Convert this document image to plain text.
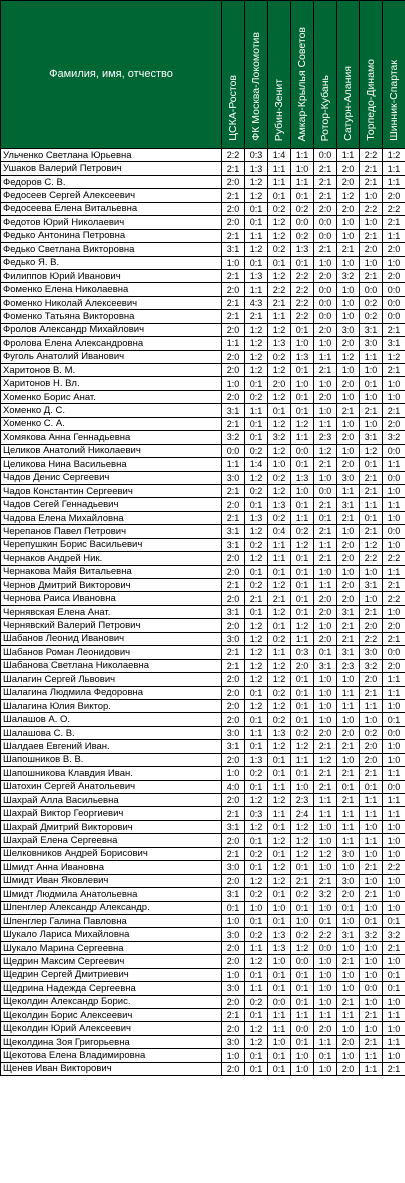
Фамилия, имя, отчество	ЦСКА-Ростов	ФК Москва-Локомотив	Рубин-Зенит	Амкар-Крылья Советов	Ротор-Кубань	Сатурн-Алания	Торпедо-Динамо	Шинник-Спартак
Ульченко Светлана Юрьевна	2:2	0:3	1:4	1:1	0:0	1:1	2:2	1:2
Ушаков Валерий Петрович	2:1	1:3	1:1	1:0	2:1	2:0	2:1	1:1
Федоров С. В.	2:0	1:2	1:1	1:1	2:1	2:0	2:1	1:1
Федосеев Сергей Алексеевич	2:1	1:2	0:1	0:1	2:1	1:2	1:0	2:0
Федосеева Елена Витальевна	2:0	0:1	0:2	0:2	2:0	2:0	2:2	2:2
Федотов Юрий Николаевич	2:0	0:1	1:2	0:0	0:0	1:0	1:0	2:1
Федько Антонина Петровна	2:1	1:1	1:2	0:2	0:0	1:0	2:1	1:1
Федько Светлана Викторовна	3:1	1:2	0:2	1:3	2:1	2:1	2:0	2:0
Федько Я. В.	1:0	0:1	0:1	0:1	1:0	1:0	1:0	1:0
Филиппов Юрий Иванович	2:1	1:3	1:2	2:2	2:0	3:2	2:1	2:0
Фоменко Елена Николаевна	2:0	1:1	2:2	2:2	0:0	1:0	0:0	0:0
Фоменко Николай Алексеевич	2:1	4:3	2:1	2:2	0:0	1:0	0:2	0:0
Фоменко Татьяна Викторовна	2:1	2:1	1:1	2:2	0:0	1:0	0:2	0:0
Фролов Александр Михайлович	2:0	1:2	1:2	0:1	2:0	3:0	3:1	2:1
Фролова Елена Александровна	1:1	1:2	1:3	1:0	1:0	2:0	3:0	3:1
Фуголь Анатолий Иванович	2:0	1:2	0:2	1:3	1:1	1:2	1:1	1:2
Харитонов В. М.	2:0	1:2	1:2	0:1	2:1	1:0	1:0	2:1
Харитонов Н. Вл.	1:0	0:1	2:0	1:0	1:0	2:0	0:1	1:0
Хоменко Борис Анат.	2:0	0:2	1:2	0:1	2:0	1:0	1:0	1:0
Хоменко Д. С.	3:1	1:1	0:1	0:1	1:0	2:1	2:1	2:1
Хоменко С. А.	2:1	0:1	1:2	1:2	1:1	1:0	1:0	2:0
Хомякова Анна Геннадьевна	3:2	0:1	3:2	1:1	2:3	2:0	3:1	3:2
Целиков Анатолий Николаевич	0:0	0:2	1:2	0:0	1:2	1:0	1:2	0:0
Целикова Нина Васильевна	1:1	1:4	1:0	0:1	2:1	2:0	0:1	1:1
Чадов Денис Сергеевич	3:0	1:2	0:2	1:3	1:0	3:0	2:1	0:0
Чадов Константин Сергеевич	2:1	0:2	1:2	1:0	0:0	1:1	2:1	1:0
Чадов Сегей Геннадьевич	2:0	0:1	1:3	0:1	2:1	3:1	1:1	1:1
Чадова Елена Михайловна	2:1	1:3	0:2	1:1	0:1	2:1	0:1	1:0
Черепанов Павел Петрович	3:1	1:2	0:4	0:2	2:1	1:0	2:1	0:0
Черепушкин Борис Васильевич	3:1	0:2	1:1	1:2	1:1	2:0	1:2	1:0
Чернаков Андрей Ник.	2:0	1:2	1:1	0:1	2:1	2:0	2:2	2:2
Чернакова Майя Витальевна	2:0	0:1	0:1	0:1	1:0	1:0	1:0	1:1
Чернов Дмитрий Викторович	2:1	0:2	1:2	0:1	1:1	2:0	3:1	2:1
Чернова Раиса Ивановна	2:0	2:1	2:1	0:1	2:0	2:0	1:0	2:2
Чернявская Елена Анат.	3:1	0:1	1:2	0:1	2:0	3:1	2:1	1:0
Чернявский Валерий Петрович	2:0	1:2	0:1	1:2	1:0	2:1	2:0	2:0
Шабанов Леонид Иванович	3:0	1:2	0:2	1:1	2:0	2:1	2:2	2:1
Шабанов Роман Леонидович	2:1	1:2	1:1	0:3	0:1	3:1	3:0	0:0
Шабанова Светлана Николаевна	2:1	1:2	1:2	2:0	3:1	2:3	3:2	2:0
Шалагин Сергей Львович	2:0	1:2	1:2	0:1	1:0	1:0	2:0	1:1
Шалагина Людмила Федоровна	2:0	0:1	0:2	0:1	1:0	1:1	2:1	1:1
Шалагина Юлия Виктор.	2:0	1:2	1:2	0:1	1:0	1:1	1:1	1:0
Шалашов А. О.	2:0	0:1	0:2	0:1	1:0	1:0	1:0	0:1
Шалашова С. В.	3:0	1:1	1:3	0:2	2:0	2:0	0:2	0:0
Шалдаев Евгений Иван.	3:1	0:1	1:2	1:2	2:1	2:1	2:0	1:0
Шапошников В. В.	2:0	1:3	0:1	1:1	1:2	1:0	2:0	1:0
Шапошникова Клавдия Иван.	1:0	0:2	0:1	0:1	2:1	2:1	2:1	1:1
Шатохин Сергей Анатольевич	4:0	0:1	1:1	1:0	2:1	0:1	0:1	0:0
Шахрай Алла Васильевна	2:0	1:2	1:2	2:3	1:1	2:1	1:1	1:1
Шахрай Виктор Георгиевич	2:1	0:3	1:1	2:4	1:1	1:1	1:1	1:1
Шахрай Дмитрий Викторович	3:1	1:2	0:1	1:2	1:0	1:1	1:0	1:0
Шахрай Елена Сергеевна	2:0	0:1	1:2	1:2	1:0	1:1	1:1	1:0
Шелковников Андрей Борисович	2:1	0:2	0:1	1:2	1:2	3:0	1:0	1:0
Шмидт Анна Ивановна	3:0	0:1	1:2	0:1	1:0	1:0	2:1	2:2
Шмидт Иван Яковлевич	2:0	1:2	1:2	2:1	2:1	3:0	1:0	1:0
Шмидт Людмила Анатольевна	3:1	0:2	0:1	0:2	3:2	2:0	2:1	1:0
Шпенглер Александр Александр.	0:1	1:0	1:0	0:1	1:0	0:1	1:0	1:0
Шпенглер Галина Павловна	1:0	0:1	0:1	1:0	0:1	1:0	0:1	0:1
Шукало Лариса Михайловна	3:0	0:2	1:3	0:2	2:2	3:1	3:2	3:2
Шукало Марина Сергеевна	2:0	1:1	1:3	1:2	0:0	1:0	1:0	2:1
Щедрин Максим Сергеевич	2:0	1:2	1:0	0:0	1:0	2:1	1:0	1:0
Щедрин Сергей Дмитриевич	1:0	0:1	0:1	0:1	1:0	1:0	1:0	0:1
Щедрина Надежда Сергеевна	3:0	1:1	0:1	0:1	1:0	1:0	0:0	0:1
Щеколдин Александр Борис.	2:0	0:2	0:0	0:1	1:0	2:1	1:0	1:0
Щеколдин Борис Алексеевич	2:1	0:1	1:1	1:1	1:1	1:1	2:1	1:1
Щеколдин Юрий Алексеевич	2:0	1:2	1:1	0:0	2:0	1:0	1:0	1:0
Щеколдина Зоя Григорьевна	3:0	1:2	1:0	0:1	1:1	2:0	2:1	1:1
Щекотова Елена Владимировна	1:0	0:1	0:1	1:0	0:1	1:0	1:1	1:0
Щенев Иван Викторович	2:0	0:1	0:1	1:0	1:0	2:0	1:1	2:1
